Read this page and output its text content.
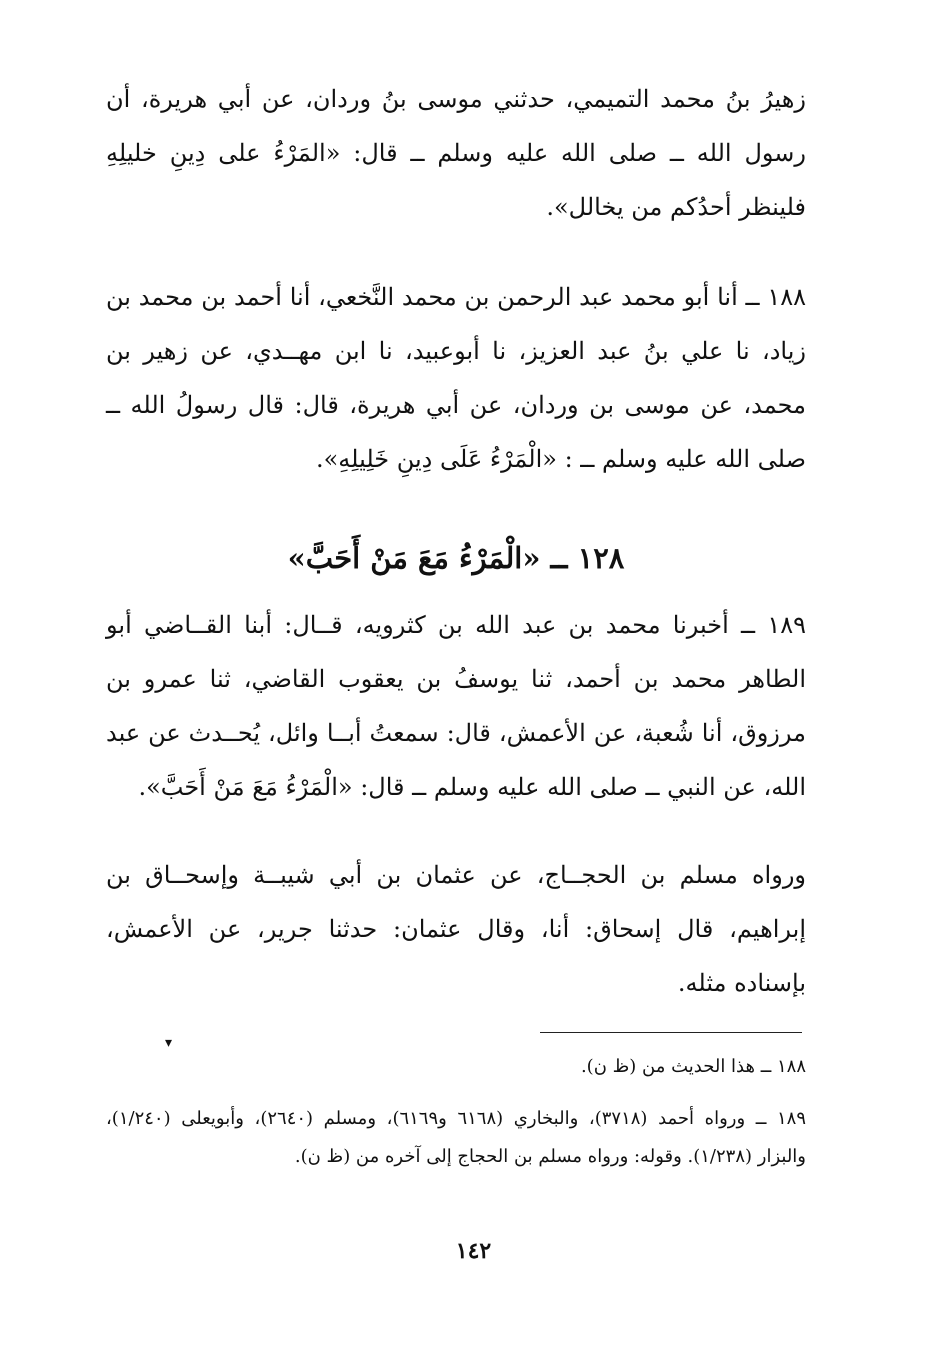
زهيرُ بنُ محمد التميمي، حدثني موسى بنُ وردان، عن أبي هريرة، أن رسول الله ــ صلى الله عليه وسلم ــ قال: «المَرْءُ على دِينِ خليلِهِ فلينظر أحدُكم من يخالل».

١٨٨ ــ أنا أبو محمد عبد الرحمن بن محمد النَّخعي، أنا أحمد بن محمد بن زياد، نا علي بنُ عبد العزيز، نا أبوعبيد، نا ابن مهــدي، عن زهير بن محمد، عن موسى بن وردان، عن أبي هريرة، قال: قال رسولُ الله ــ صلى الله عليه وسلم ــ : «الْمَرْءُ عَلَى دِينِ خَلِيلِهِ».

١٢٨ ــ «الْمَرْءُ مَعَ مَنْ أَحَبَّ»

١٨٩ ــ أخبرنا محمد بن عبد الله بن كثرويه، قــال: أبنا القــاضي أبو الطاهر محمد بن أحمد، ثنا يوسفُ بن يعقوب القاضي، ثنا عمرو بن مرزوق، أنا شُعبة، عن الأعمش، قال: سمعتُ أبــا وائل، يُحــدث عن عبد الله، عن النبي ــ صلى الله عليه وسلم ــ قال: «الْمَرْءُ مَعَ مَنْ أَحَبَّ».

ورواه مسلم بن الحجــاج، عن عثمان بن أبي شيبــة وإسحــاق بن إبراهيم، قال إسحاق: أنا، وقال عثمان: حدثنا جرير، عن الأعمش، بإسناده مثله.

▾

١٨٨ ــ هذا الحديث من (ظ ن).

١٨٩ ــ ورواه أحمد (٣٧١٨)، والبخاري (٦١٦٨ و٦١٦٩)، ومسلم (٢٦٤٠)، وأبويعلى (١/٢٤٠)، والبزار (١/٢٣٨). وقوله: ورواه مسلم بن الحجاج إلى آخره من (ظ ن).

١٤٢
